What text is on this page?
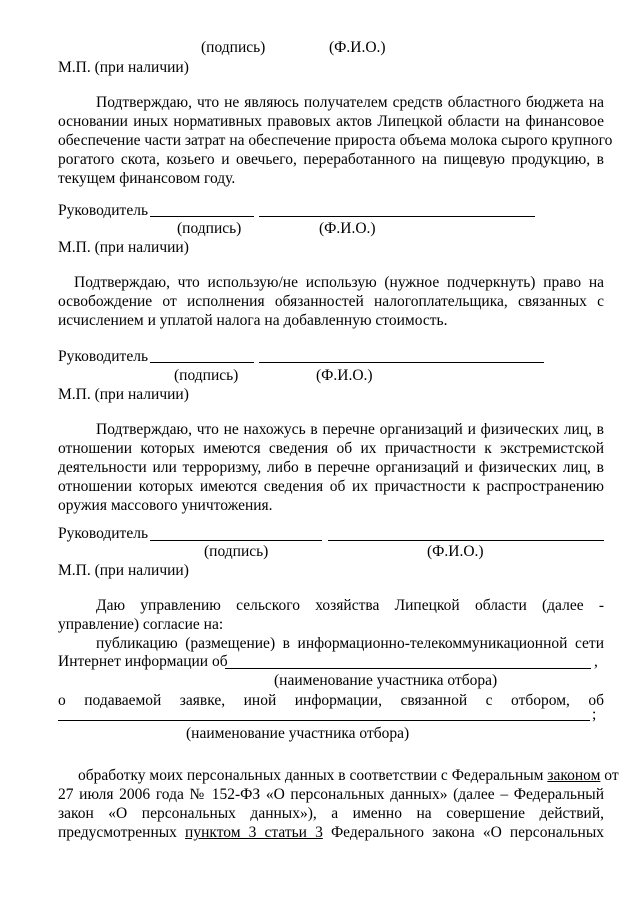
(подпись)	(Ф.И.О.)
М.П. (при наличии)
Подтверждаю, что не являюсь получателем средств областного бюджета на
основании иных нормативных правовых актов Липецкой области на финансовое
обеспечение части затрат на обеспечение прироста объема молока сырого крупного
рогатого скота, козьего и овечьего, переработанного на пищевую продукцию, в
текущем финансовом году.
Руководитель
(подпись)	(Ф.И.О.)
М.П. (при наличии)
Подтверждаю, что использую/не использую (нужное подчеркнуть) право на
освобождение от исполнения обязанностей налогоплательщика, связанных с
исчислением и уплатой налога на добавленную стоимость.
Руководитель
(подпись)	(Ф.И.О.)
М.П. (при наличии)
Подтверждаю, что не нахожусь в перечне организаций и физических лиц, в
отношении которых имеются сведения об их причастности к экстремистской
деятельности или терроризму, либо в перечне организаций и физических лиц, в
отношении которых имеются сведения об их причастности к распространению
оружия массового уничтожения.
Руководитель
(подпись)	(Ф.И.О.)
М.П. (при наличии)
Даю управлению сельского хозяйства Липецкой области (далее -
управление) согласие на:
публикацию (размещение) в информационно-телекоммуникационной сети
Интернет информации об	,
(наименование участника отбора)
о подаваемой заявке, иной информации, связанной с отбором, об
;
(наименование участника отбора)
обработку моих персональных данных в соответствии с Федеральным законом от
27 июля 2006 года № 152-ФЗ «О персональных данных» (далее – Федеральный
закон «О персональных данных»), а именно на совершение действий,
предусмотренных пунктом 3 статьи 3 Федерального закона «О персональных
